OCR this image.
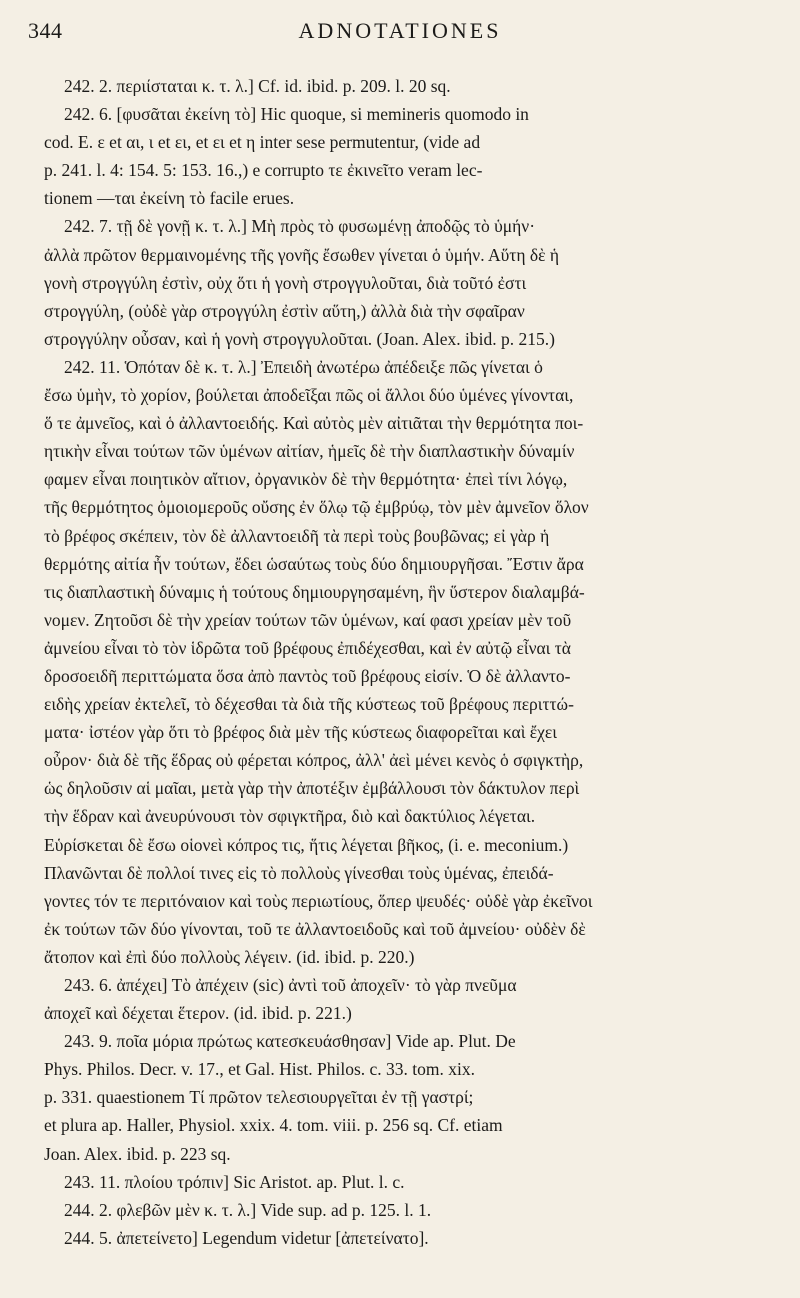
344	ADNOTATIONES
242. 2. περιίσταται κ. τ. λ.] Cf. id. ibid. p. 209. l. 20 sq.
242. 6. [φυσᾶται ἐκείνη τὸ] Hic quoque, si memineris quomodo in
cod. E. ε et αι, ι et ει, et ει et η inter sese permutentur, (vide ad
p. 241. l. 4: 154. 5: 153. 16.,) e corrupto τε ἐκινεῖτο veram lec-
tionem —ται ἐκείνη τὸ facile erues.
242. 7. τῇ δὲ γονῇ κ. τ. λ.] Μὴ πρὸς τὸ φυσωμένῃ ἀποδῷς τὸ ὑμήν·
ἀλλὰ πρῶτον θερμαινομένης τῆς γονῆς ἔσωθεν γίνεται ὁ ὑμήν. Αὕτη δὲ ἡ
γονὴ στρογγύλη ἐστὶν, οὐχ ὅτι ἡ γονὴ στρογγυλοῦται, διὰ τοῦτό ἐστι
στρογγύλη, (οὐδὲ γὰρ στρογγύλη ἐστὶν αὕτη,) ἀλλὰ διὰ τὴν σφαῖραν
στρογγύλην οὖσαν, καὶ ἡ γονὴ στρογγυλοῦται. (Joan. Alex. ibid. p. 215.)
242. 11. Ὁπόταν δὲ κ. τ. λ.] Ἐπειδὴ ἀνωτέρω ἀπέδειξε πῶς γίνεται ὁ
ἔσω ὑμὴν, τὸ χορίον, βούλεται ἀποδεῖξαι πῶς οἱ ἄλλοι δύο ὑμένες γίνονται,
ὅ τε ἀμνεῖος, καὶ ὁ ἀλλαντοειδής. Καὶ αὐτὸς μὲν αἰτιᾶται τὴν θερμότητα ποι-
ητικὴν εἶναι τούτων τῶν ὑμένων αἰτίαν, ἡμεῖς δὲ τὴν διαπλαστικὴν δύναμίν
φαμεν εἶναι ποιητικὸν αἴτιον, ὀργανικὸν δὲ τὴν θερμότητα· ἐπεὶ τίνι λόγῳ,
τῆς θερμότητος ὁμοιομεροῦς οὔσης ἐν ὅλῳ τῷ ἐμβρύῳ, τὸν μὲν ἀμνεῖον ὅλον
τὸ βρέφος σκέπειν, τὸν δὲ ἀλλαντοειδῆ τὰ περὶ τοὺς βουβῶνας; εἰ γὰρ ἡ
θερμότης αἰτία ἦν τούτων, ἔδει ὡσαύτως τοὺς δύο δημιουργῆσαι. Ἔστιν ἄρα
τις διαπλαστικὴ δύναμις ἡ τούτους δημιουργησαμένη, ἣν ὕστερον διαλαμβά-
νομεν. Ζητοῦσι δὲ τὴν χρείαν τούτων τῶν ὑμένων, καί φασι χρείαν μὲν τοῦ
ἀμνείου εἶναι τὸ τὸν ἱδρῶτα τοῦ βρέφους ἐπιδέχεσθαι, καὶ ἐν αὐτῷ εἶναι τὰ
δροσοειδῆ περιττώματα ὅσα ἀπὸ παντὸς τοῦ βρέφους εἰσίν. Ὁ δὲ ἀλλαντο-
ειδὴς χρείαν ἐκτελεῖ, τὸ δέχεσθαι τὰ διὰ τῆς κύστεως τοῦ βρέφους περιττώ-
ματα· ἰστέον γὰρ ὅτι τὸ βρέφος διὰ μὲν τῆς κύστεως διαφορεῖται καὶ ἔχει
οὖρον· διὰ δὲ τῆς ἕδρας οὐ φέρεται κόπρος, ἀλλ' ἀεὶ μένει κενὸς ὁ σφιγκτὴρ,
ὡς δηλοῦσιν αἱ μαῖαι, μετὰ γὰρ τὴν ἀποτέξιν ἐμβάλλουσι τὸν δάκτυλον περὶ
τὴν ἕδραν καὶ ἀνευρύνουσι τὸν σφιγκτῆρα, διὸ καὶ δακτύλιος λέγεται.
Εὑρίσκεται δὲ ἔσω οἱονεὶ κόπρος τις, ἥτις λέγεται βῆκος, (i. e. meconium.)
Πλανῶνται δὲ πολλοί τινες εἰς τὸ πολλοὺς γίνεσθαι τοὺς ὑμένας, ἐπειδά-
γοντες τόν τε περιτόναιον καὶ τοὺς περιωτίους, ὅπερ ψευδές· οὐδὲ γὰρ ἐκεῖνοι
ἐκ τούτων τῶν δύο γίνονται, τοῦ τε ἀλλαντοειδοῦς καὶ τοῦ ἀμνείου· οὐδὲν δὲ
ἄτοπον καὶ ἐπὶ δύο πολλοὺς λέγειν. (id. ibid. p. 220.)
243. 6. ἀπέχει] Τὸ ἀπέχειν (sic) ἀντὶ τοῦ ἀποχεῖν· τὸ γὰρ πνεῦμα
ἀποχεῖ καὶ δέχεται ἕτερον. (id. ibid. p. 221.)
243. 9. ποῖα μόρια πρώτως κατεσκευάσθησαν] Vide ap. Plut. De
Phys. Philos. Decr. v. 17., et Gal. Hist. Philos. c. 33. tom. xix.
p. 331. quaestionem Τί πρῶτον τελεσιουργεῖται ἐν τῇ γαστρί;
et plura ap. Haller, Physiol. xxix. 4. tom. viii. p. 256 sq. Cf. etiam
Joan. Alex. ibid. p. 223 sq.
243. 11. πλοίου τρόπιν] Sic Aristot. ap. Plut. l. c.
244. 2. φλεβῶν μὲν κ. τ. λ.] Vide sup. ad p. 125. l. 1.
244. 5. ἀπετείνετο] Legendum videtur [ἀπετείνατο].
